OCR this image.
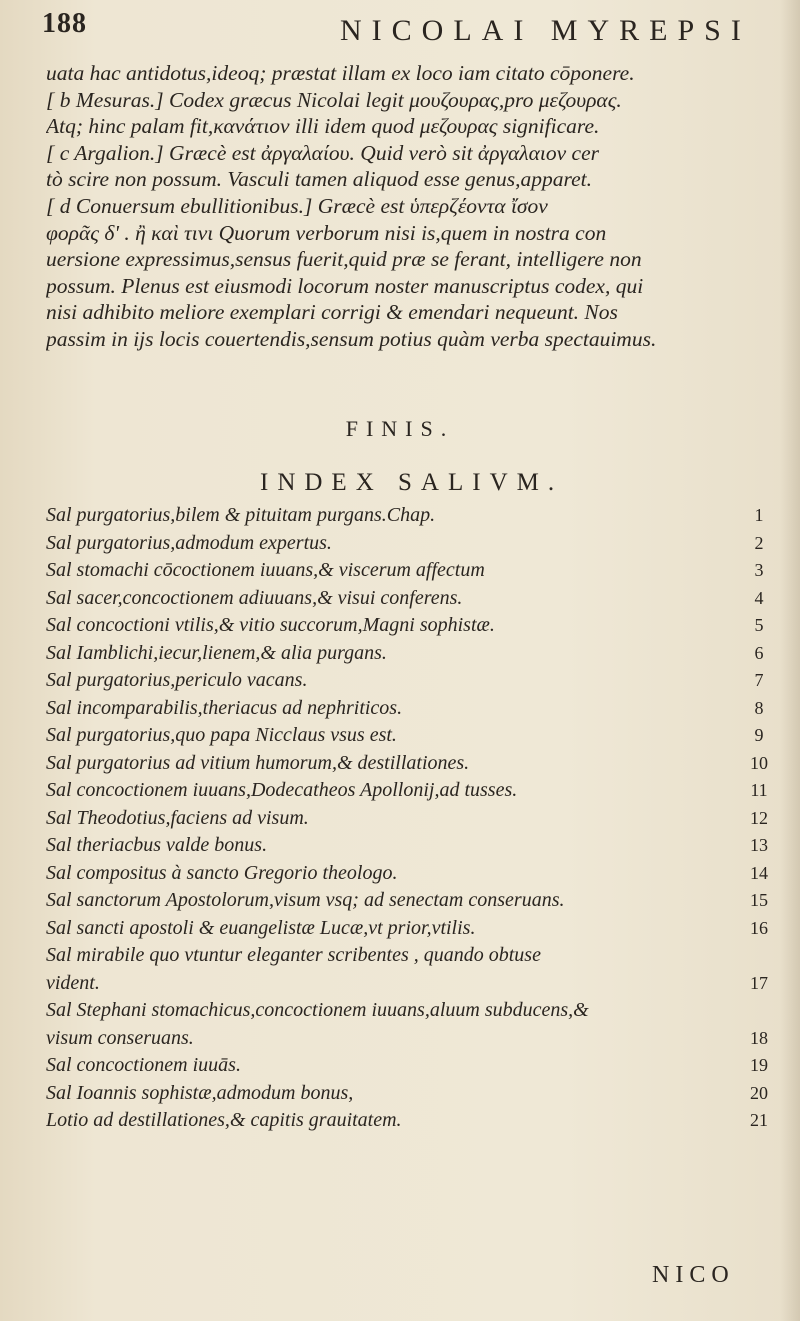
188	NICOLAI MYREPSI
uata hac antidotus,ideoq; præstat illam ex loco iam citato cōponere.
[ b Mesuras.] Codex græcus Nicolai legit μουζουρας,pro μεζουρας.
Atq; hinc palam fit,κανάτιον illi idem quod μεζουρας significare.
[ c Argalion.] Græcè est ἀργαλαίου. Quid verò sit ἀργαλαιον cer
tò scire non possum. Vasculi tamen aliquod esse genus,apparet.
[ d Conuersum ebullitionibus.] Græcè est ὑπερζέοντα ἴσον
φορᾶς δ' . ἢ καὶ τινι Quorum verborum nisi is,quem in nostra con
uersione expressimus,sensus fuerit,quid præ se ferant, intelligere non
possum. Plenus est eiusmodi locorum noster manuscriptus codex, qui
nisi adhibito meliore exemplari corrigi & emendari nequeunt. Nos
passim in ijs locis couertendis,sensum potius quàm verba spectauimus.
FINIS.
INDEX SALIVM.
Sal purgatorius,bilem & pituitam purgans.Chap.	1
Sal purgatorius,admodum expertus.	2
Sal stomachi cōcoctionem iuuans,& viscerum affectum	3
Sal sacer,concoctionem adiuuans,& visui conferens.	4
Sal concoctioni vtilis,& vitio succorum,Magni sophistæ.	5
Sal Iamblichi,iecur,lienem,& alia purgans.	6
Sal purgatorius,periculo vacans.	7
Sal incomparabilis,theriacus ad nephriticos.	8
Sal purgatorius,quo papa Nicclaus vsus est.	9
Sal purgatorius ad vitium humorum,& destillationes.	10
Sal concoctionem iuuans,Dodecatheos Apollonij,ad tusses.	11
Sal Theodotius,faciens ad visum.	12
Sal theriacbus valde bonus.	13
Sal compositus à sancto Gregorio theologo.	14
Sal sanctorum Apostolorum,visum vsq; ad senectam conseruans.	15
Sal sancti apostoli & euangelistæ Lucæ,vt prior,vtilis.	16
Sal mirabile quo vtuntur eleganter scribentes , quando obtuse
vident.	17
Sal Stephani stomachicus,concoctionem iuuans,aluum subducens,&
visum conseruans.	18
Sal concoctionem iuuās.	19
Sal Ioannis sophistæ,admodum bonus,	20
Lotio ad destillationes,& capitis grauitatem.	21
NICO
